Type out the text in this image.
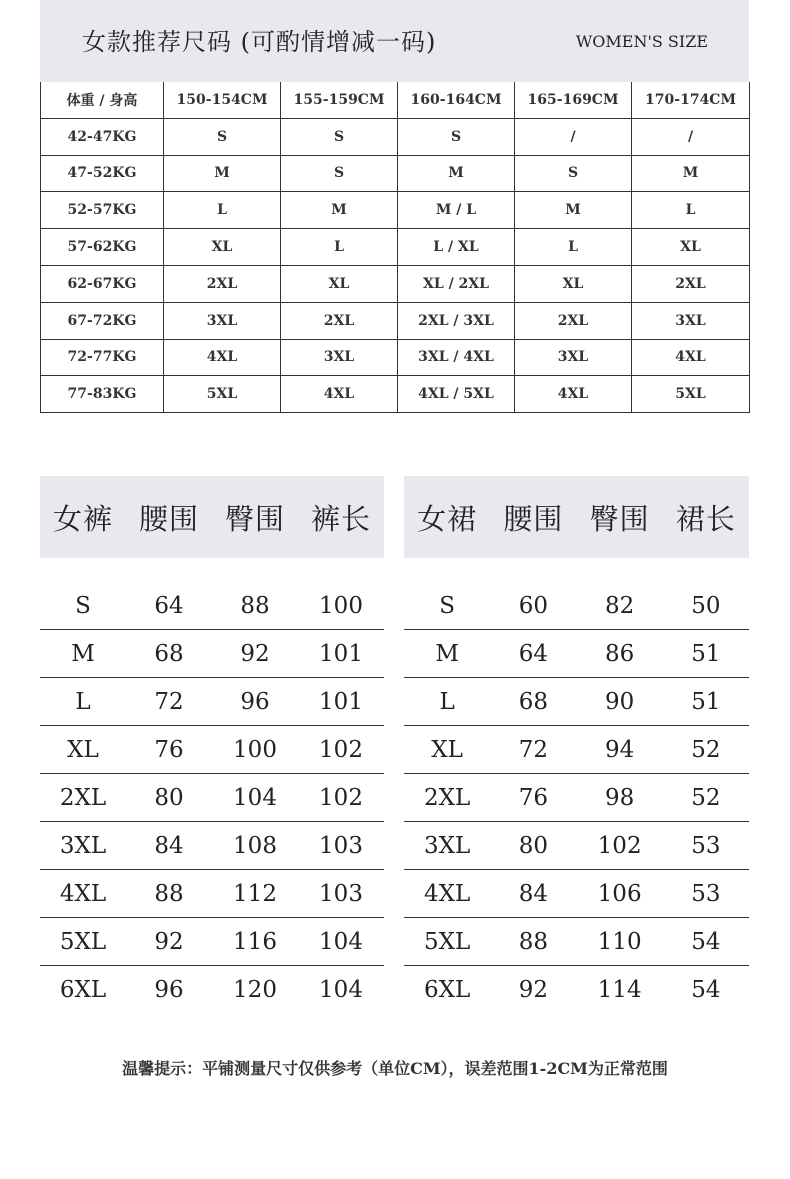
女款推荐尺码 (可酌情增减一码)	WOMEN'S SIZE
体重 / 身高	150-154CM	155-159CM	160-164CM	165-169CM	170-174CM
42-47KG	S	S	S	/	/
47-52KG	M	S	M	S	M
52-57KG	L	M	M / L	M	L
57-62KG	XL	L	L / XL	L	XL
62-67KG	2XL	XL	XL / 2XL	XL	2XL
67-72KG	3XL	2XL	2XL / 3XL	2XL	3XL
72-77KG	4XL	3XL	3XL / 4XL	3XL	4XL
77-83KG	5XL	4XL	4XL / 5XL	4XL	5XL
女裤 腰围 臀围 裤长
S	64	88	100
M	68	92	101
L	72	96	101
XL	76	100	102
2XL	80	104	102
3XL	84	108	103
4XL	88	112	103
5XL	92	116	104
6XL	96	120	104
女裙 腰围 臀围 裙长
S	60	82	50
M	64	86	51
L	68	90	51
XL	72	94	52
2XL	76	98	52
3XL	80	102	53
4XL	84	106	53
5XL	88	110	54
6XL	92	114	54
温馨提示：平铺测量尺寸仅供参考（单位CM），误差范围1-2CM为正常范围
